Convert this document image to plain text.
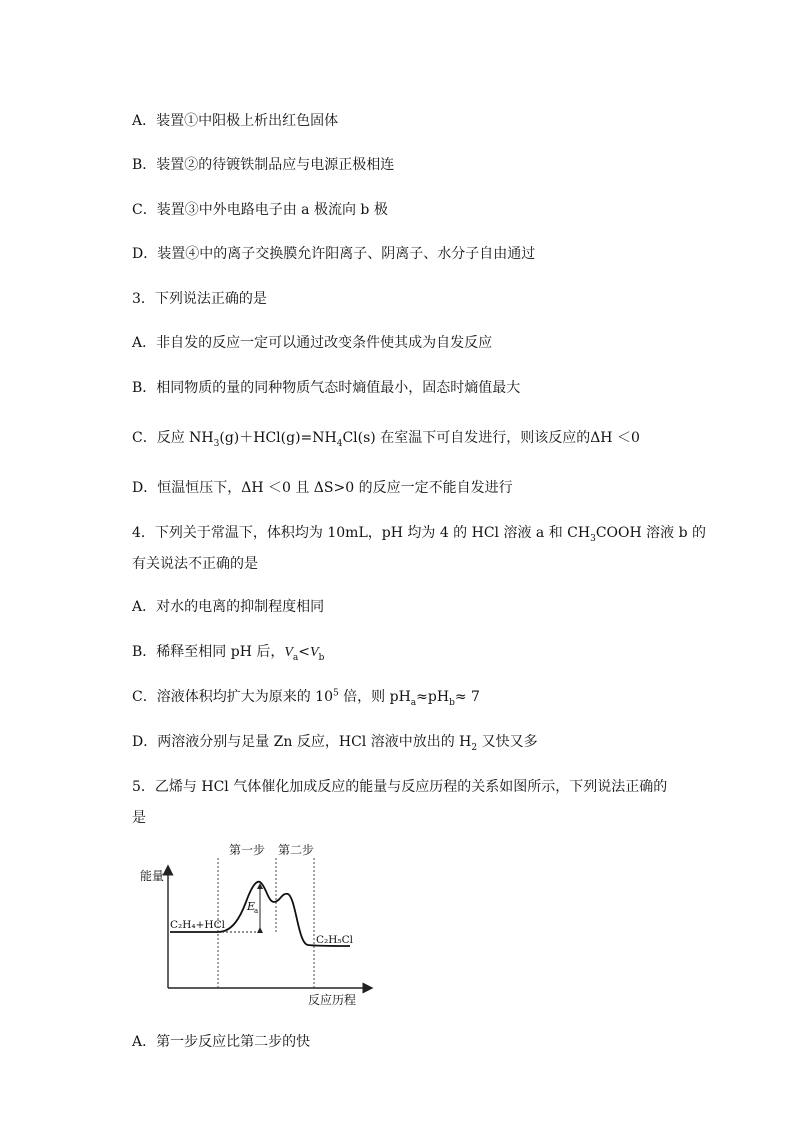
A．装置①中阳极上析出红色固体
B．装置②的待镀铁制品应与电源正极相连
C．装置③中外电路电子由 a 极流向 b 极
D．装置④中的离子交换膜允许阳离子、阴离子、水分子自由通过
3．下列说法正确的是
A．非自发的反应一定可以通过改变条件使其成为自发反应
B．相同物质的量的同种物质气态时熵值最小，固态时熵值最大
C．反应 $NH_3(g)+HCl(g)=NH_4Cl(s)$ 在室温下可自发进行，则该反应的ΔH ＜0
D．恒温恒压下，ΔH ＜0 且 ΔS>0 的反应一定不能自发进行
4．下列关于常温下，体积均为 10mL，pH 均为 4 的 HCl 溶液 a 和 $CH_3COOH$ 溶液 b 的
有关说法不正确的是
A．对水的电离的抑制程度相同
B．稀释至相同 pH 后，$V_a<V_b$
C．溶液体积均扩大为原来的 $10^5$ 倍，则 $pH_a\approx pH_b\approx 7$
D．两溶液分别与足量 Zn 反应，HCl 溶液中放出的 $H_2$ 又快又多
5．乙烯与 HCl 气体催化加成反应的能量与反应历程的关系如图所示，下列说法正确的
是
能量
第一步 第二步
C₂H₄+HCl
C₂H₅Cl
E
a
反应历程
A．第一步反应比第二步的快
